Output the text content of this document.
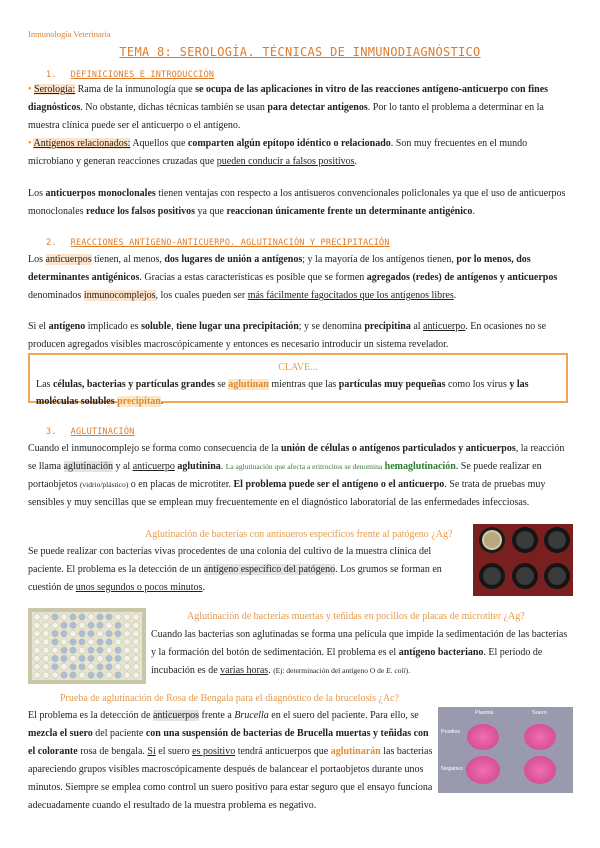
Inmunología Veterinaria
TEMA 8: SEROLOGÍA. TÉCNICAS DE INMUNODIAGNÓSTICO
1. DEFINICIONES E INTRODUCCIÓN

• Serología: Rama de la inmunología que se ocupa de las aplicaciones in vitro de las reacciones antígeno-anticuerpo con fines diagnósticos. No obstante, dichas técnicas también se usan para detectar antígenos. Por lo tanto el problema a determinar en la muestra clínica puede ser el anticuerpo o el antígeno.

• Antígenos relacionados: Aquellos que comparten algún epítopo idéntico o relacionado. Son muy frecuentes en el mundo microbiano y generan reacciones cruzadas que pueden conducir a falsos positivos.

Los anticuerpos monoclonales tienen ventajas con respecto a los antisueros convencionales policlonales ya que el uso de anticuerpos monoclonales reduce los falsos positivos ya que reaccionan únicamente frente un determinante antigénico.

2. REACCIONES ANTÍGENO-ANTICUERPO. AGLUTINACIÓN Y PRECIPITACIÓN

Los anticuerpos tienen, al menos, dos lugares de unión a antígenos; y la mayoría de los antígenos tienen, por lo menos, dos determinantes antigénicos. Gracias a estas características es posible que se formen agregados (redes) de antígenos y anticuerpos denominados inmunocomplejos, los cuales pueden ser más fácilmente fagocitados que los antígenos libres.

Si el antígeno implicado es soluble, tiene lugar una precipitación; y se denomina precipitina al anticuerpo. En ocasiones no se producen agregados visibles macroscópicamente y entonces es necesario introducir un sistema revelador.

CLAVE...
Las células, bacterias y partículas grandes se aglutinan mientras que las partículas muy pequeñas como los virus y las moléculas solubles precipitan.
3. AGLUTINACIÓN

Cuando el inmunocomplejo se forma como consecuencia de la unión de células o antígenos particulados y anticuerpos, la reacción se llama aglutinación y al anticuerpo aglutinina. La aglutinación que afecta a eritrocitos se denomina hemaglutinación. Se puede realizar en portaobjetos (vidrio/plástico) o en placas de microtiter. El problema puede ser el antígeno o el anticuerpo. Se trata de pruebas muy sensibles y muy sencillas que se emplean muy frecuentemente en el diagnóstico laboratorial de las enfermedades infecciosas.

Aglutinación de bacterias con antisueros específicos frente al patógeno ¿Ag?

Se puede realizar con bacterias vivas procedentes de una colonia del cultivo de la muestra clínica del paciente. El problema es la detección de un antígeno específico del patógeno. Los grumos se forman en cuestión de unos segundos o pocos minutos.

Aglutinación de bacterias muertas y teñidas en pocillos de placas de microtiter ¿Ag?

Cuando las bacterias son aglutinadas se forma una película que impide la sedimentación de las bacterias y la formación del botón de sedimentación. El problema es el antígeno bacteriano. El período de incubación es de varias horas. (Ej: determinación del antígeno O de E. coli).

Prueba de aglutinación de Rosa de Bengala para el diagnóstico de la brucelosis ¿Ac?

El problema es la detección de anticuerpos frente a Brucella en el suero del paciente. Para ello, se mezcla el suero del paciente con una suspensión de bacterias de Brucella muertas y teñidas con el colorante rosa de bengala. Si el suero es positivo tendrá anticuerpos que aglutinarán las bacterias apareciendo grupos visibles macroscópicamente después de balancear el portaobjetos durante unos minutos. Siempre se emplea como control un suero positivo para estar seguro que el ensayo funciona adecuadamente cuando el resultado de la muestra problema es negativo.

Plasma	Suero
Positivo
Negativo
